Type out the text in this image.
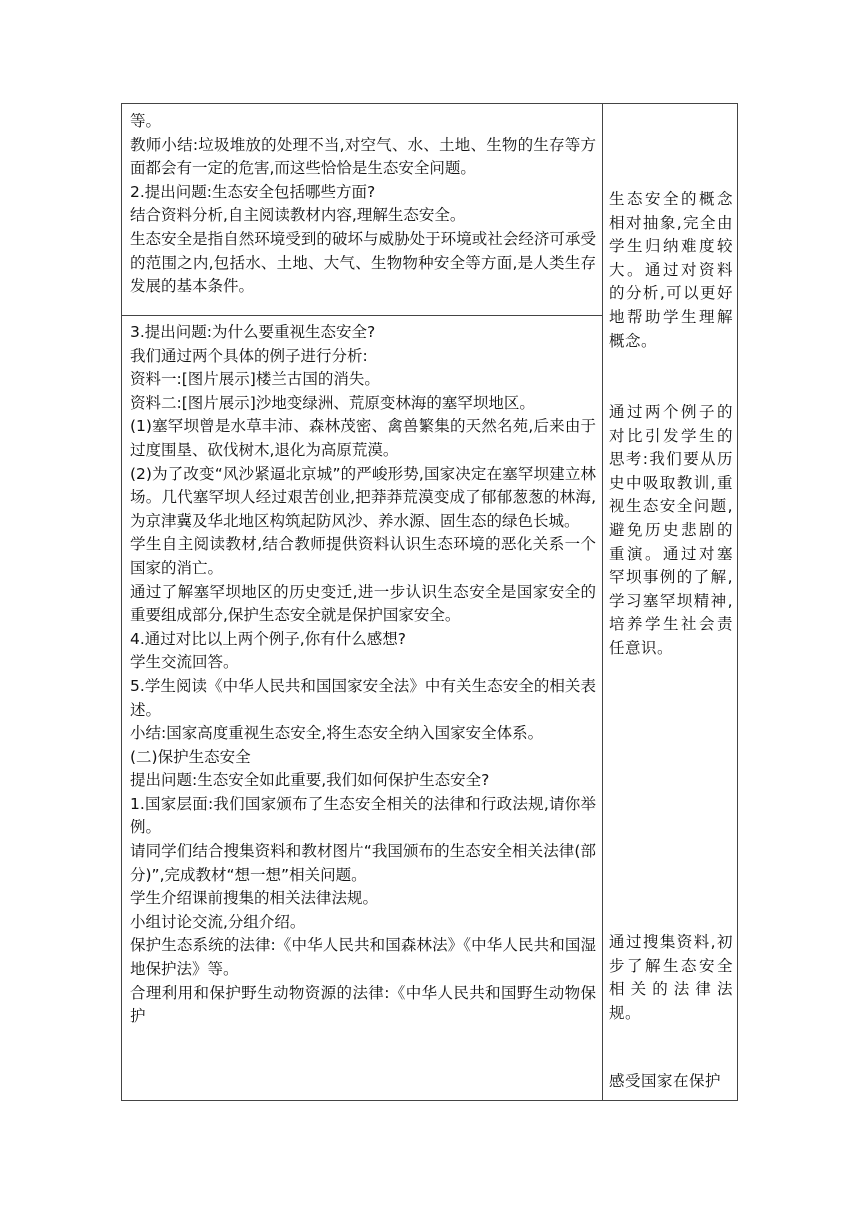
等。

教师小结:垃圾堆放的处理不当,对空气、水、土地、生物的生存等方面都会有一定的危害,而这些恰恰是生态安全问题。

2.提出问题:生态安全包括哪些方面?

结合资料分析,自主阅读教材内容,理解生态安全。

生态安全是指自然环境受到的破坏与威胁处于环境或社会经济可承受的范围之内,包括水、土地、大气、生物物种安全等方面,是人类生存发展的基本条件。

3.提出问题:为什么要重视生态安全?

我们通过两个具体的例子进行分析:

资料一:[图片展示]楼兰古国的消失。

资料二:[图片展示]沙地变绿洲、荒原变林海的塞罕坝地区。

(1)塞罕坝曾是水草丰沛、森林茂密、禽兽繁集的天然名苑,后来由于过度围垦、砍伐树木,退化为高原荒漠。

(2)为了改变“风沙紧逼北京城”的严峻形势,国家决定在塞罕坝建立林场。几代塞罕坝人经过艰苦创业,把莽莽荒漠变成了郁郁葱葱的林海,为京津冀及华北地区构筑起防风沙、养水源、固生态的绿色长城。

学生自主阅读教材,结合教师提供资料认识生态环境的恶化关系一个国家的消亡。

通过了解塞罕坝地区的历史变迁,进一步认识生态安全是国家安全的重要组成部分,保护生态安全就是保护国家安全。

4.通过对比以上两个例子,你有什么感想?

学生交流回答。

5.学生阅读《中华人民共和国国家安全法》中有关生态安全的相关表述。

小结:国家高度重视生态安全,将生态安全纳入国家安全体系。

(二)保护生态安全

提出问题:生态安全如此重要,我们如何保护生态安全?

1.国家层面:我们国家颁布了生态安全相关的法律和行政法规,请你举例。

请同学们结合搜集资料和教材图片“我国颁布的生态安全相关法律(部分)”,完成教材“想一想”相关问题。

学生介绍课前搜集的相关法律法规。

小组讨论交流,分组介绍。

保护生态系统的法律:《中华人民共和国森林法》《中华人民共和国湿地保护法》等。

合理利用和保护野生动物资源的法律:《中华人民共和国野生动物保护

生态安全的概念相对抽象,完全由学生归纳难度较大。通过对资料的分析,可以更好地帮助学生理解概念。

通过两个例子的对比引发学生的思考:我们要从历史中吸取教训,重视生态安全问题,避免历史悲剧的重演。通过对塞罕坝事例的了解,学习塞罕坝精神,培养学生社会责任意识。

通过搜集资料,初步了解生态安全相关的法律法规。

感受国家在保护
